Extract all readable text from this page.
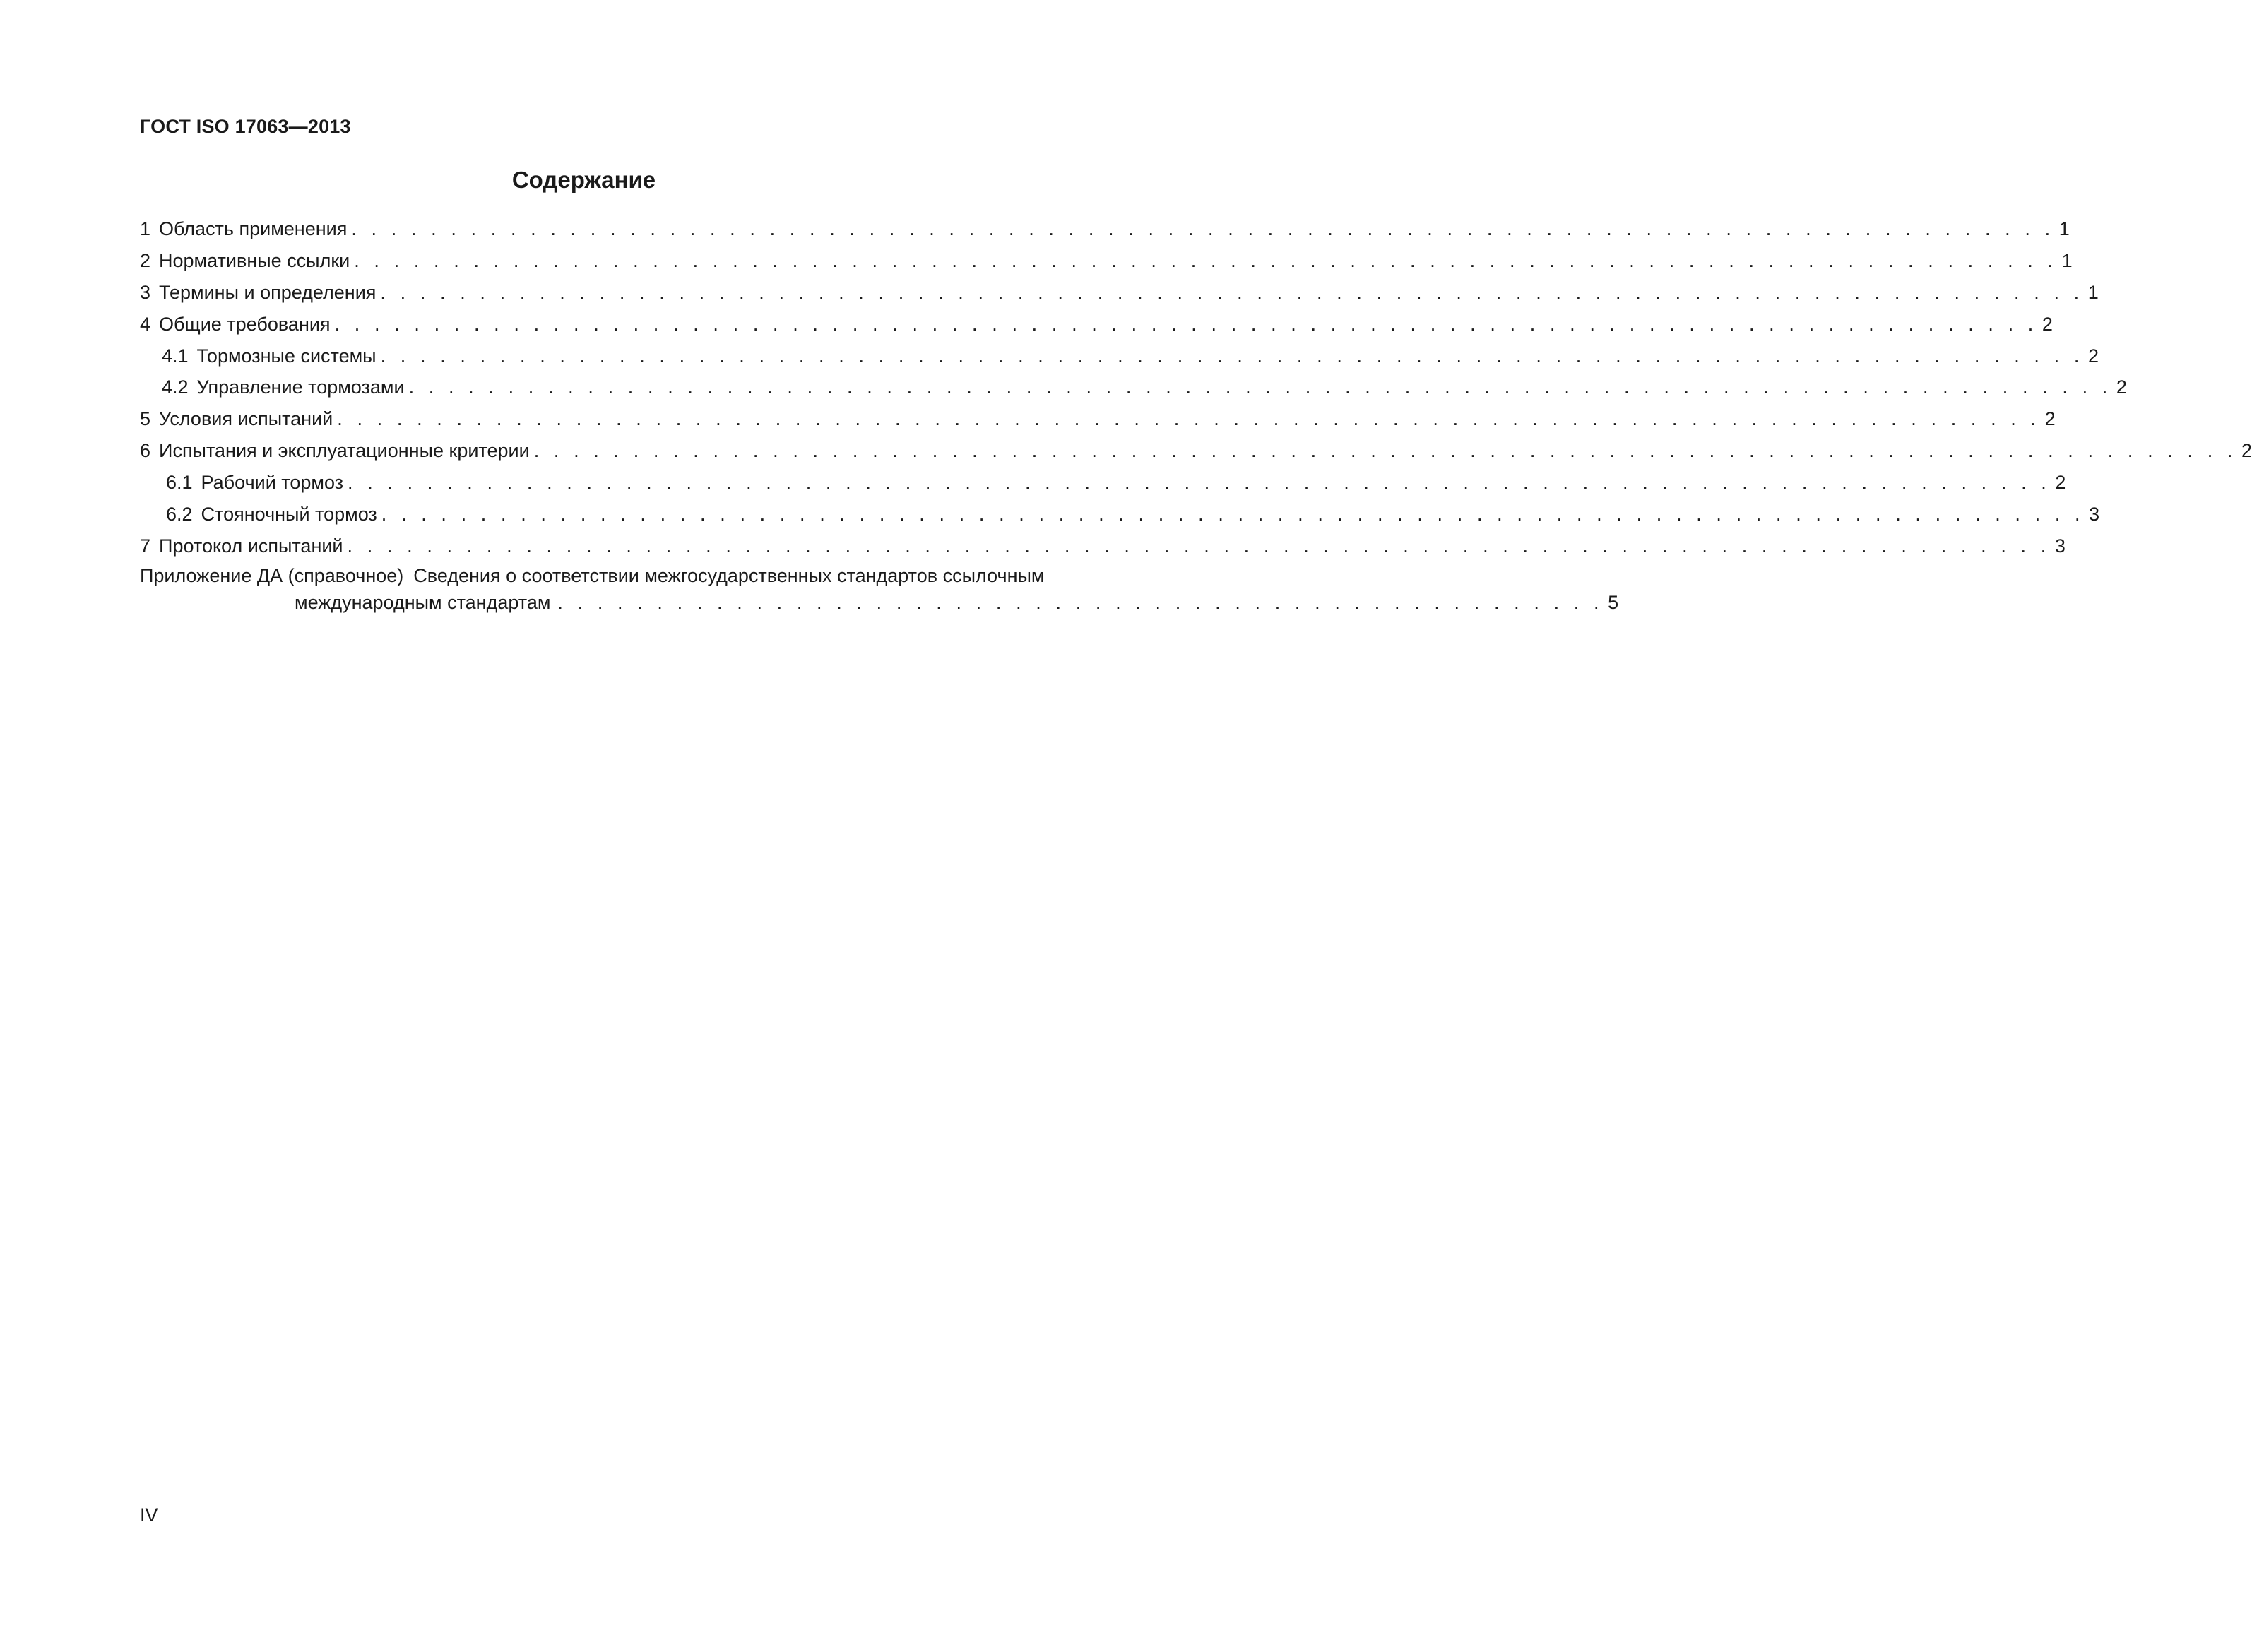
ГОСТ ISO 17063—2013
Содержание
1 Область применения . . . . . . . . . . . . . . . . . . . . . . . . . . . . . . . . . . . . . . . . . . . . . . . . . . . . . . . . . . . . . . . . . . . . . . . . . . . . . . . . . . . . . . 1
2 Нормативные ссылки . . . . . . . . . . . . . . . . . . . . . . . . . . . . . . . . . . . . . . . . . . . . . . . . . . . . . . . . . . . . . . . . . . . . . . . . . . . . . . . . . . . . . . 1
3 Термины и определения . . . . . . . . . . . . . . . . . . . . . . . . . . . . . . . . . . . . . . . . . . . . . . . . . . . . . . . . . . . . . . . . . . . . . . . . . . . . . . . . . . . . . . 1
4 Общие требования . . . . . . . . . . . . . . . . . . . . . . . . . . . . . . . . . . . . . . . . . . . . . . . . . . . . . . . . . . . . . . . . . . . . . . . . . . . . . . . . . . . . . . 2
4.1 Тормозные системы . . . . . . . . . . . . . . . . . . . . . . . . . . . . . . . . . . . . . . . . . . . . . . . . . . . . . . . . . . . . . . . . . . . . . . . . . . . . . . . . . . . . . . 2
4.2 Управление тормозами . . . . . . . . . . . . . . . . . . . . . . . . . . . . . . . . . . . . . . . . . . . . . . . . . . . . . . . . . . . . . . . . . . . . . . . . . . . . . . . . . . . . . . 2
5 Условия испытаний . . . . . . . . . . . . . . . . . . . . . . . . . . . . . . . . . . . . . . . . . . . . . . . . . . . . . . . . . . . . . . . . . . . . . . . . . . . . . . . . . . . . . . 2
6 Испытания и эксплуатационные критерии . . . . . . . . . . . . . . . . . . . . . . . . . . . . . . . . . . . . . . . . . . . . . . . . . . . . . . . . . . . . . . . . . . . . . . . . . . . . . . . . . . . . . . 2
6.1 Рабочий тормоз . . . . . . . . . . . . . . . . . . . . . . . . . . . . . . . . . . . . . . . . . . . . . . . . . . . . . . . . . . . . . . . . . . . . . . . . . . . . . . . . . . . . . . 2
6.2 Стояночный тормоз . . . . . . . . . . . . . . . . . . . . . . . . . . . . . . . . . . . . . . . . . . . . . . . . . . . . . . . . . . . . . . . . . . . . . . . . . . . . . . . . . . . . . . 3
7 Протокол испытаний . . . . . . . . . . . . . . . . . . . . . . . . . . . . . . . . . . . . . . . . . . . . . . . . . . . . . . . . . . . . . . . . . . . . . . . . . . . . . . . . . . . . . . 3
Приложение ДА (справочное) Сведения о соответствии межгосударственных стандартов ссылочным
международным стандартам . . . . . . . . . . . . . . . . . . . . . . . . . . . . . . . . . . . . . . . . . . . . . . . . . . . . . 5
IV
